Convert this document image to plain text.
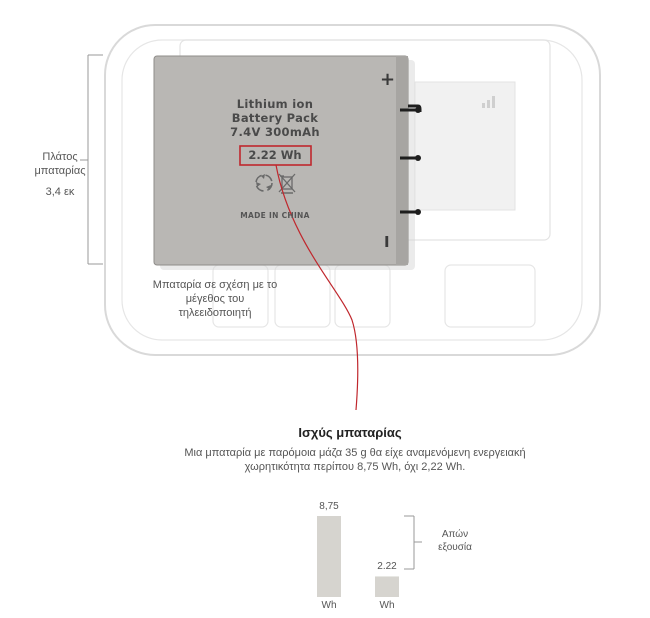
Lithium ion
Battery Pack
7.4V 300mAh
2.22 Wh
MADE IN CHINA
+
I
Πλάτος μπαταρίας
3,4 εκ
Μπαταρία σε σχέση με το μέγεθος του τηλεειδοποιητή
Ισχύς μπαταρίας
Μια μπαταρία με παρόμοια μάζα 35 g θα είχε αναμενόμενη ενεργειακή χωρητικότητα περίπου 8,75 Wh, όχι 2,22 Wh.
Απών εξουσία
8,75
Wh
2.22
Wh
